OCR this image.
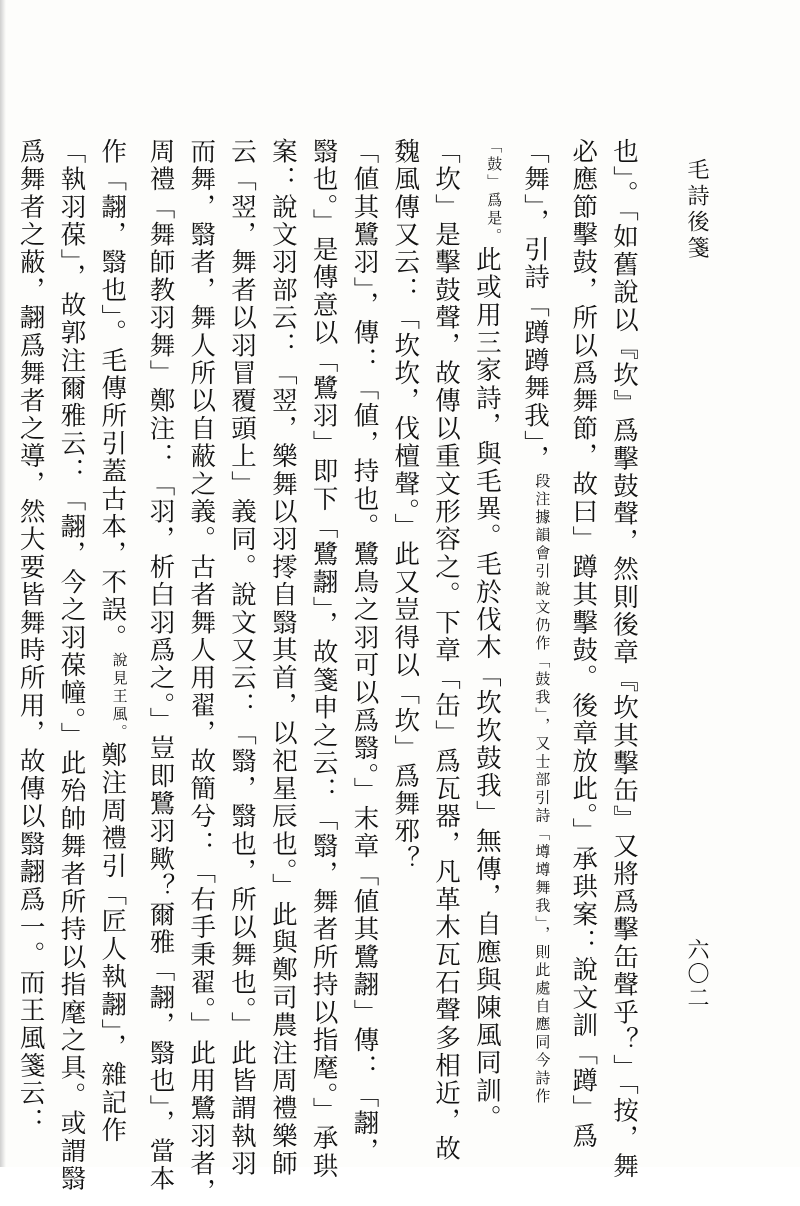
毛詩後箋
六〇二
也」。「如舊說以『坎』爲擊鼓聲，然則後章『坎其擊缶』又將爲擊缶聲乎？」「按，舞
必應節擊鼓，所以爲舞節，故曰」蹲其擊鼓。後章放此。」承珙案：說文訓「蹲」爲
「舞」，引詩「蹲蹲舞我」，段注據韻會引說文仍作「鼓我」，又士部引詩「壿壿舞我」，則此處自應同今詩作
「鼓」爲是。此或用三家詩，與毛異。毛於伐木「坎坎鼓我」無傳，自應與陳風同訓。
「坎」是擊鼓聲，故傳以重文形容之。下章「缶」爲瓦器，凡革木瓦石聲多相近，故
魏風傳又云：「坎坎，伐檀聲。」此又豈得以「坎」爲舞邪？
「値其鷺羽」，傳：「値，持也。鷺鳥之羽可以爲翳。」末章「値其鷺翿」傳：「翿，
翳也。」是傳意以「鷺羽」即下「鷺翿」，故箋申之云：「翳，舞者所持以指麾。」承珙
案：說文羽部云：「翌，樂舞以羽㩕自翳其首，以祀星辰也。」此與鄭司農注周禮樂師
云「翌，舞者以羽冒覆頭上」義同。說文又云：「翳，翳也，所以舞也。」此皆謂執羽
而舞，翳者，舞人所以自蔽之義。古者舞人用翟，故簡兮：「右手秉翟。」此用鷺羽者，
周禮「舞師教羽舞」鄭注：「羽，析白羽爲之。」豈即鷺羽歟？爾雅「翿，翳也」，當本
作「翿，翳也」。毛傳所引蓋古本，不誤。說見王風。鄭注周禮引「匠人執翿」，雜記作
「執羽葆」，故郭注爾雅云：「翿，今之羽葆幢。」此殆帥舞者所持以指麾之具。或謂翳
爲舞者之蔽，翿爲舞者之導，然大要皆舞時所用，故傳以翳翿爲一。而王風箋云：
